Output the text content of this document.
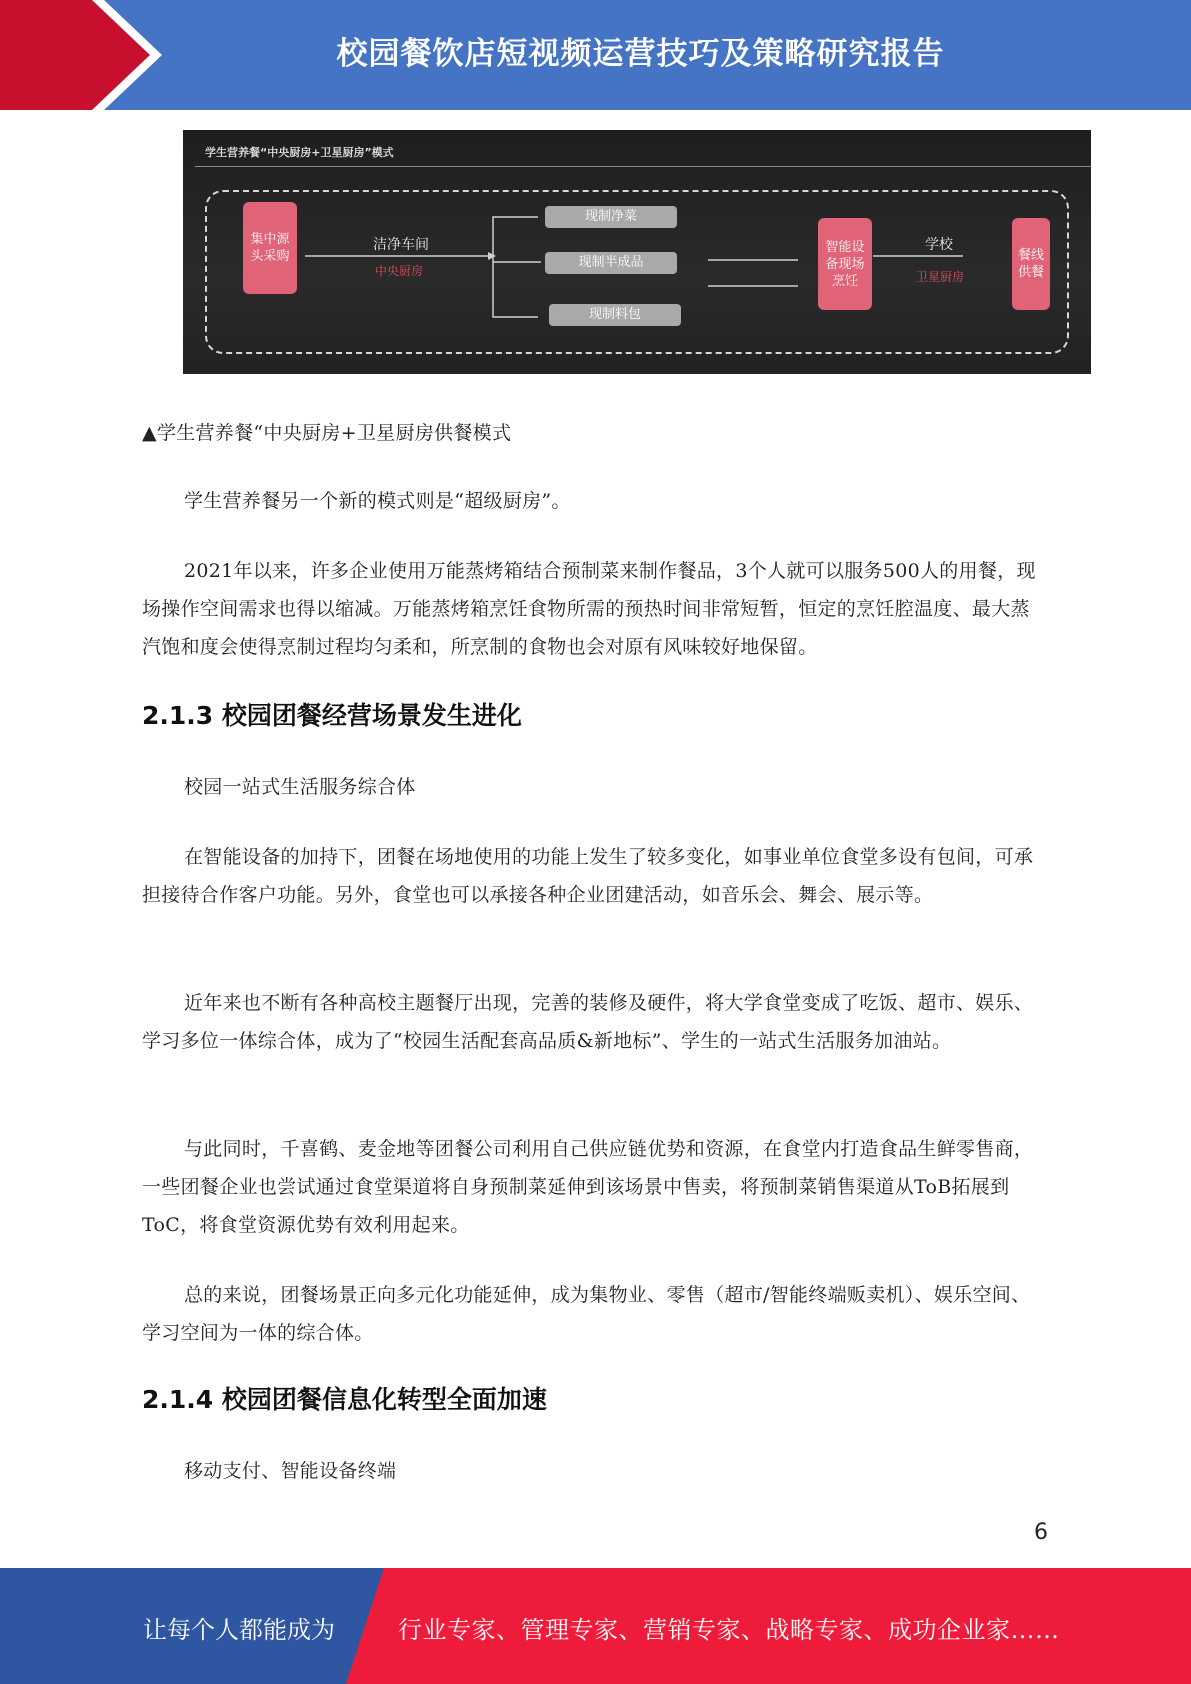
校园餐饮店短视频运营技巧及策略研究报告
学生营养餐“中央厨房+卫星厨房”模式
集中源头采购
洁净车间
中央厨房
现制净菜
现制半成品
现制料包
智能设备现场烹饪
学校
卫星厨房
餐线供餐
▲学生营养餐“中央厨房+卫星厨房供餐模式
学生营养餐另一个新的模式则是“超级厨房”。
2021年以来，许多企业使用万能蒸烤箱结合预制菜来制作餐品，3个人就可以服务500人的用餐，现场操作空间需求也得以缩减。万能蒸烤箱烹饪食物所需的预热时间非常短暂，恒定的烹饪腔温度、最大蒸汽饱和度会使得烹制过程均匀柔和，所烹制的食物也会对原有风味较好地保留。
2.1.3 校园团餐经营场景发生进化
校园一站式生活服务综合体
在智能设备的加持下，团餐在场地使用的功能上发生了较多变化，如事业单位食堂多设有包间，可承担接待合作客户功能。另外，食堂也可以承接各种企业团建活动，如音乐会、舞会、展示等。
近年来也不断有各种高校主题餐厅出现，完善的装修及硬件，将大学食堂变成了吃饭、超市、娱乐、学习多位一体综合体，成为了“校园生活配套高品质&新地标”、学生的一站式生活服务加油站。
与此同时，千喜鹤、麦金地等团餐公司利用自己供应链优势和资源，在食堂内打造食品生鲜零售商，一些团餐企业也尝试通过食堂渠道将自身预制菜延伸到该场景中售卖，将预制菜销售渠道从ToB拓展到ToC，将食堂资源优势有效利用起来。
总的来说，团餐场景正向多元化功能延伸，成为集物业、零售（超市/智能终端贩卖机）、娱乐空间、学习空间为一体的综合体。
2.1.4 校园团餐信息化转型全面加速
移动支付、智能设备终端
6
让每个人都能成为	行业专家、管理专家、营销专家、战略专家、成功企业家……
